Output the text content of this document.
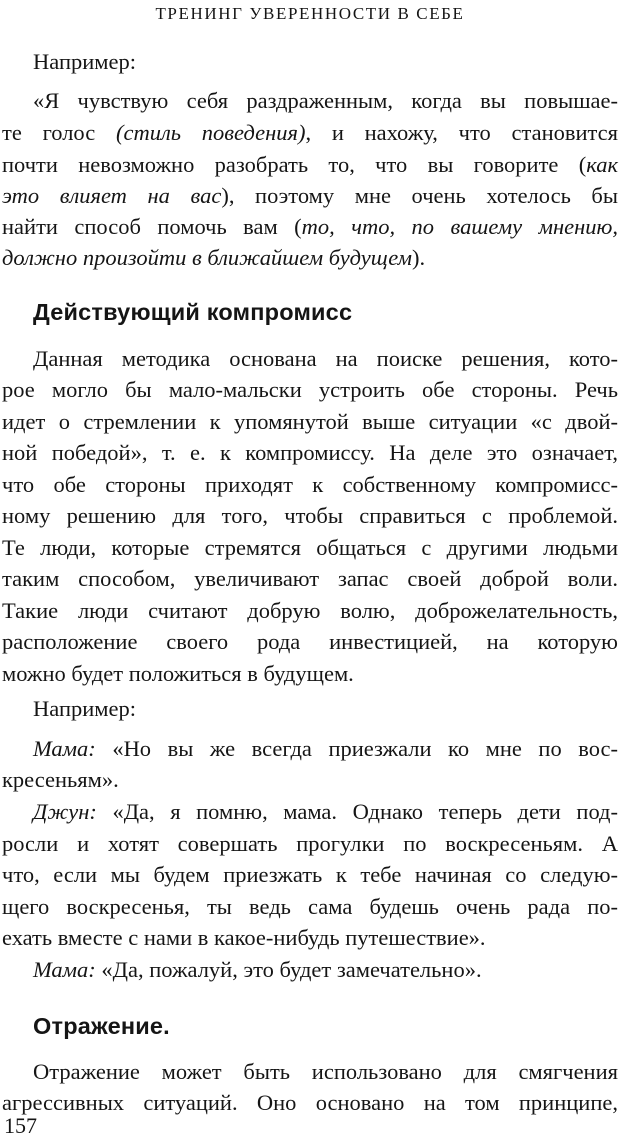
ТРЕНИНГ УВЕРЕННОСТИ В СЕБЕ
Например:
«Я чувствую себя раздраженным, когда вы повышае-
те голос (стиль поведения), и нахожу, что становится
почти невозможно разобрать то, что вы говорите (как
это влияет на вас), поэтому мне очень хотелось бы
найти способ помочь вам (то, что, по вашему мнению,
должно произойти в ближайшем будущем).
Действующий компромисс
Данная методика основана на поиске решения, кото-
рое могло бы мало-мальски устроить обе стороны. Речь
идет о стремлении к упомянутой выше ситуации «с двой-
ной победой», т. е. к компромиссу. На деле это означает,
что обе стороны приходят к собственному компромисс-
ному решению для того, чтобы справиться с проблемой.
Те люди, которые стремятся общаться с другими людьми
таким способом, увеличивают запас своей доброй воли.
Такие люди считают добрую волю, доброжелательность,
расположение своего рода инвестицией, на которую
можно будет положиться в будущем.
Например:
Мама: «Но вы же всегда приезжали ко мне по вос-
кресеньям».
Джун: «Да, я помню, мама. Однако теперь дети под-
росли и хотят совершать прогулки по воскресеньям. А
что, если мы будем приезжать к тебе начиная со следую-
щего воскресенья, ты ведь сама будешь очень рада по-
ехать вместе с нами в какое-нибудь путешествие».
Мама: «Да, пожалуй, это будет замечательно».
Отражение.
Отражение может быть использовано для смягчения
агрессивных ситуаций. Оно основано на том принципе,
157
